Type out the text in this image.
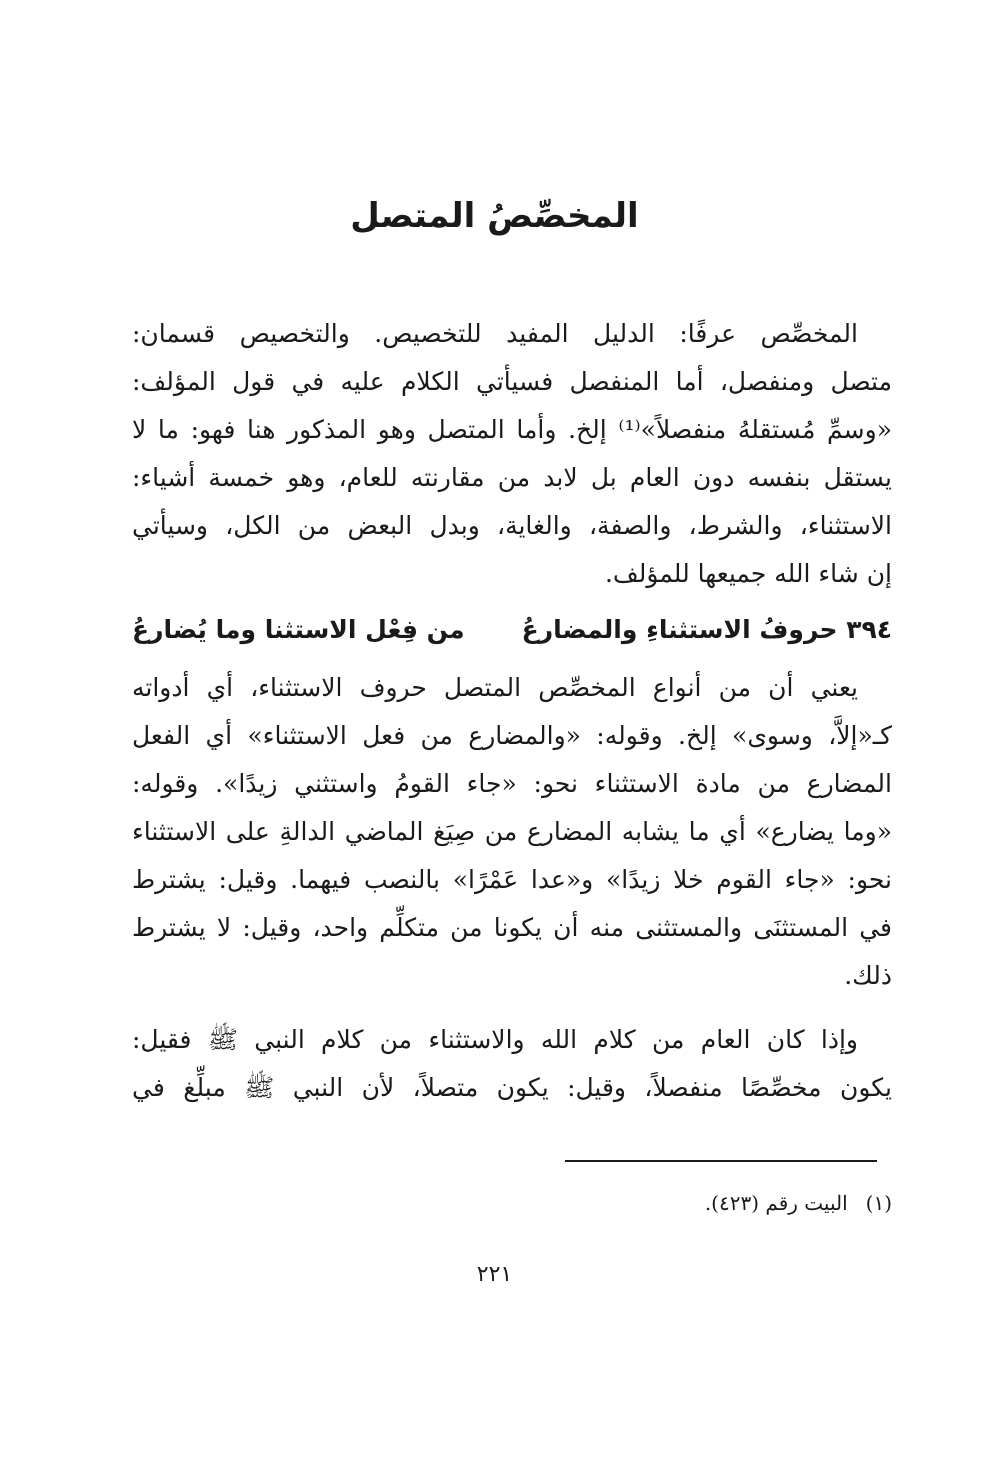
المخصِّصُ المتصل
المخصِّص عرفًا: الدليل المفيد للتخصيص. والتخصيص قسمان:
متصل ومنفصل، أما المنفصل فسيأتي الكلام عليه في قول المؤلف:
«وسمِّ مُستقلهُ منفصلاً»⁽¹⁾ إلخ. وأما المتصل وهو المذكور هنا فهو: ما لا
يستقل بنفسه دون العام بل لابد من مقارنته للعام، وهو خمسة أشياء:
الاستثناء، والشرط، والصفة، والغاية، وبدل البعض من الكل، وسيأتي
إن شاء الله جميعها للمؤلف.
٣٩٤ حروفُ الاستثناءِ والمضارعُ
من فِعْل الاستثنا وما يُضارعُ
يعني أن من أنواع المخصِّص المتصل حروف الاستثناء، أي أدواته
كـ«إلاَّ، وسوى» إلخ. وقوله: «والمضارع من فعل الاستثناء» أي الفعل
المضارع من مادة الاستثناء نحو: «جاء القومُ واستثني زيدًا». وقوله:
«وما يضارع» أي ما يشابه المضارع من صِيَغ الماضي الدالةِ على الاستثناء
نحو: «جاء القوم خلا زيدًا» و«عدا عَمْرًا» بالنصب فيهما. وقيل: يشترط
في المستثنَى والمستثنى منه أن يكونا من متكلِّم واحد، وقيل: لا يشترط
ذلك.
وإذا كان العام من كلام الله والاستثناء من كلام النبي ﷺ فقيل:
يكون مخصِّصًا منفصلاً، وقيل: يكون متصلاً، لأن النبي ﷺ مبلِّغ في
(١)البيت رقم (٤٢٣).
٢٢١
